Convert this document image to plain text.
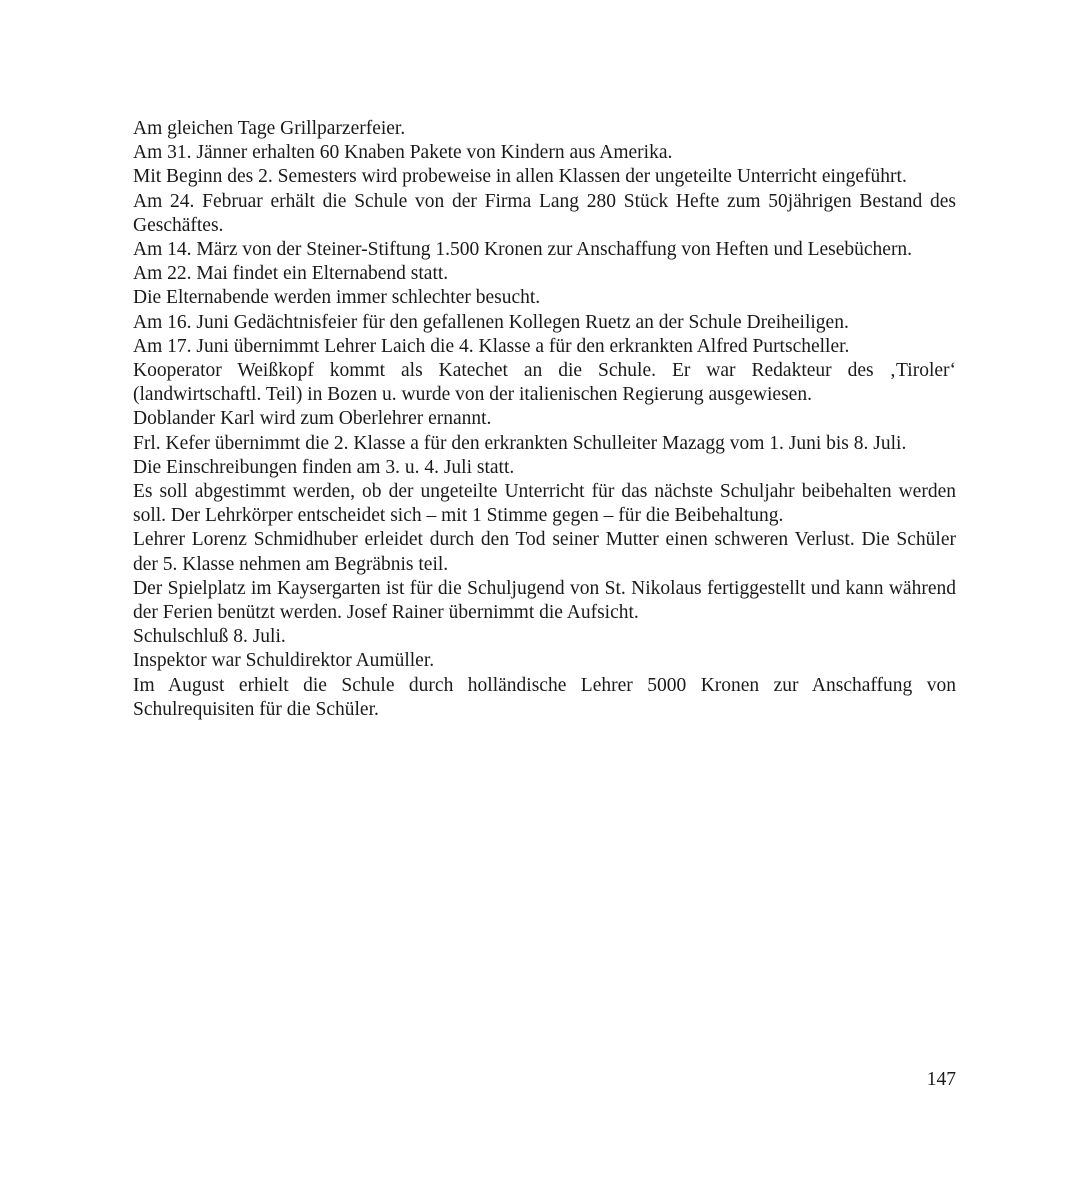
Am gleichen Tage Grillparzerfeier.

Am 31. Jänner erhalten 60 Knaben Pakete von Kindern aus Amerika.

Mit Beginn des 2. Semesters wird probeweise in allen Klassen der ungeteilte Unterricht eingeführt.

Am 24. Februar erhält die Schule von der Firma Lang 280 Stück Hefte zum 50jährigen Bestand des Geschäftes.

Am 14. März von der Steiner-Stiftung 1.500 Kronen zur Anschaffung von Heften und Lesebüchern.

Am 22. Mai findet ein Elternabend statt.

Die Elternabende werden immer schlechter besucht.

Am 16. Juni Gedächtnisfeier für den gefallenen Kollegen Ruetz an der Schule Dreiheiligen.

Am 17. Juni übernimmt Lehrer Laich die 4. Klasse a für den erkrankten Alfred Purtscheller.

Kooperator Weißkopf kommt als Katechet an die Schule. Er war Redakteur des ‚Tiroler‘ (landwirtschaftl. Teil) in Bozen u. wurde von der italienischen Regierung ausgewiesen.

Doblander Karl wird zum Oberlehrer ernannt.

Frl. Kefer übernimmt die 2. Klasse a für den erkrankten Schulleiter Mazagg vom 1. Juni bis 8. Juli.

Die Einschreibungen finden am 3. u. 4. Juli statt.

Es soll abgestimmt werden, ob der ungeteilte Unterricht für das nächste Schuljahr beibehalten werden soll. Der Lehrkörper entscheidet sich – mit 1 Stimme gegen – für die Beibehaltung.

Lehrer Lorenz Schmidhuber erleidet durch den Tod seiner Mutter einen schweren Verlust. Die Schüler der 5. Klasse nehmen am Begräbnis teil.

Der Spielplatz im Kaysergarten ist für die Schuljugend von St. Nikolaus fertiggestellt und kann während der Ferien benützt werden. Josef Rainer übernimmt die Aufsicht.

Schulschluß 8. Juli.

Inspektor war Schuldirektor Aumüller.

Im August erhielt die Schule durch holländische Lehrer 5000 Kronen zur Anschaffung von Schulrequisiten für die Schüler.

147
